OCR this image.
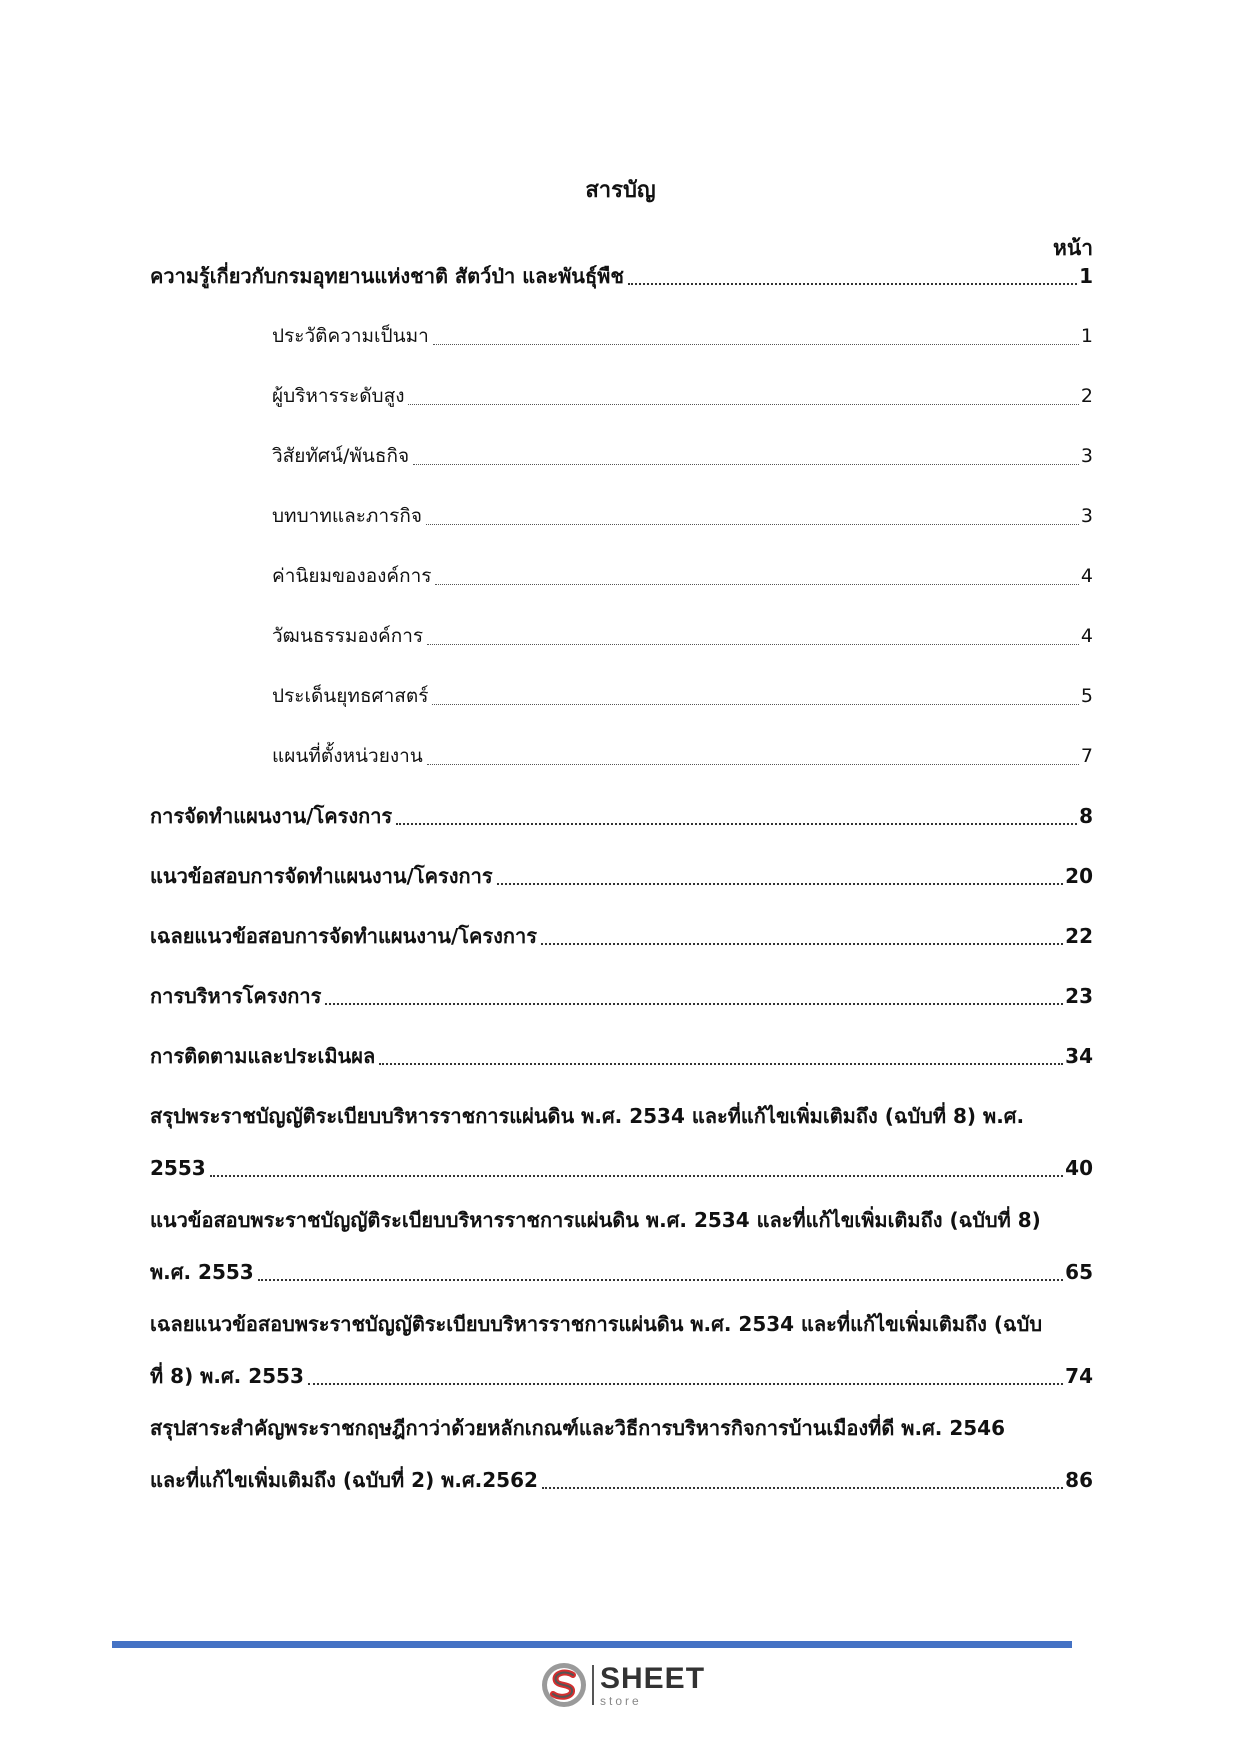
สารบัญ
หน้า
ความรู้เกี่ยวกับกรมอุทยานแห่งชาติ สัตว์ป่า และพันธุ์พืช	1
ประวัติความเป็นมา	1
ผู้บริหารระดับสูง	2
วิสัยทัศน์/พันธกิจ	3
บทบาทและภารกิจ	3
ค่านิยมขององค์การ	4
วัฒนธรรมองค์การ	4
ประเด็นยุทธศาสตร์	5
แผนที่ตั้งหน่วยงาน	7
การจัดทำแผนงาน/โครงการ	8
แนวข้อสอบการจัดทำแผนงาน/โครงการ	20
เฉลยแนวข้อสอบการจัดทำแผนงาน/โครงการ	22
การบริหารโครงการ	23
การติดตามและประเมินผล	34
สรุปพระราชบัญญัติระเบียบบริหารราชการแผ่นดิน พ.ศ. 2534 และที่แก้ไขเพิ่มเติมถึง (ฉบับที่ 8) พ.ศ.
2553	40
แนวข้อสอบพระราชบัญญัติระเบียบบริหารราชการแผ่นดิน พ.ศ. 2534 และที่แก้ไขเพิ่มเติมถึง (ฉบับที่ 8)
พ.ศ. 2553	65
เฉลยแนวข้อสอบพระราชบัญญัติระเบียบบริหารราชการแผ่นดิน พ.ศ. 2534 และที่แก้ไขเพิ่มเติมถึง (ฉบับ
ที่ 8) พ.ศ. 2553	74
สรุปสาระสำคัญพระราชกฤษฎีกาว่าด้วยหลักเกณฑ์และวิธีการบริหารกิจการบ้านเมืองที่ดี พ.ศ. 2546
และที่แก้ไขเพิ่มเติมถึง (ฉบับที่ 2) พ.ศ.2562	86
SHEET
store
